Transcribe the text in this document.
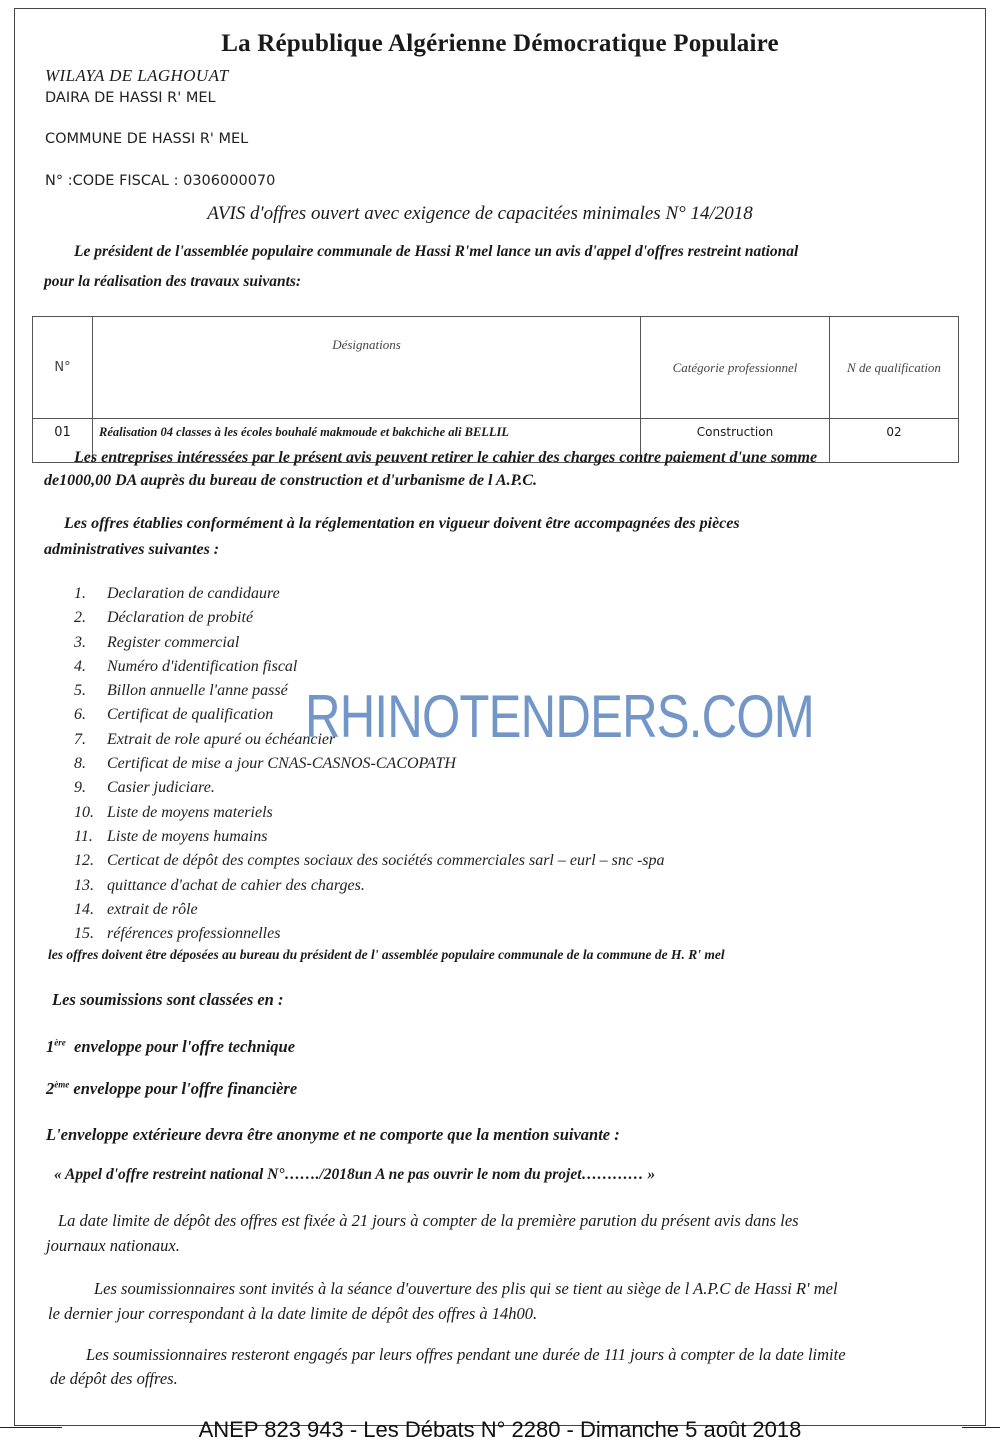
La République Algérienne Démocratique Populaire
WILAYA DE LAGHOUAT
DAIRA DE HASSI R' MEL
COMMUNE DE HASSI R' MEL
N° :CODE FISCAL : 0306000070
AVIS d'offres ouvert avec exigence de capacitées minimales N° 14/2018
Le président de l'assemblée populaire communale de Hassi R'mel lance un avis d'appel d'offres restreint national
pour la réalisation des travaux suivants:
N°	Désignations	Catégorie professionnel	N de qualification
01	Réalisation 04 classes à les écoles bouhalé makmoude et bakchiche ali BELLIL	Construction	02
Les entreprises intéressées par le présent avis peuvent retirer le cahier des charges contre paiement d'une somme
de1000,00 DA auprès du bureau de construction et d'urbanisme de l A.P.C.
Les offres établies conformément à la réglementation en vigueur doivent être accompagnées des pièces
administratives suivantes :
1. Declaration de candidaure
2. Déclaration de probité
3. Register commercial
4. Numéro d'identification fiscal
5. Billon annuelle l'anne passé
6. Certificat de qualification
7. Extrait de role apuré ou échéancier
8. Certificat de mise a jour CNAS-CASNOS-CACOPATH
9. Casier judiciare.
10. Liste de moyens materiels
11. Liste de moyens humains
12. Certicat de dépôt des comptes sociaux des sociétés commerciales sarl – eurl – snc -spa
13. quittance d'achat de cahier des charges.
14. extrait de rôle
15. références professionnelles
RHINOTENDERS.COM
les offres doivent être déposées au bureau du président de l' assemblée populaire communale de la commune de H. R' mel
Les soumissions sont classées en :
1ère enveloppe pour l'offre technique
2ème enveloppe pour l'offre financière
L'enveloppe extérieure devra être anonyme et ne comporte que la mention suivante :
« Appel d'offre restreint national N°……./2018un A ne pas ouvrir le nom du projet………… »
La date limite de dépôt des offres est fixée à 21 jours à compter de la première parution du présent avis dans les
journaux nationaux.
Les soumissionnaires sont invités à la séance d'ouverture des plis qui se tient au siège de l A.P.C de Hassi R' mel
le dernier jour correspondant à la date limite de dépôt des offres à 14h00.
Les soumissionnaires resteront engagés par leurs offres pendant une durée de 111 jours à compter de la date limite
de dépôt des offres.
ANEP 823 943 - Les Débats N° 2280 - Dimanche 5 août 2018
